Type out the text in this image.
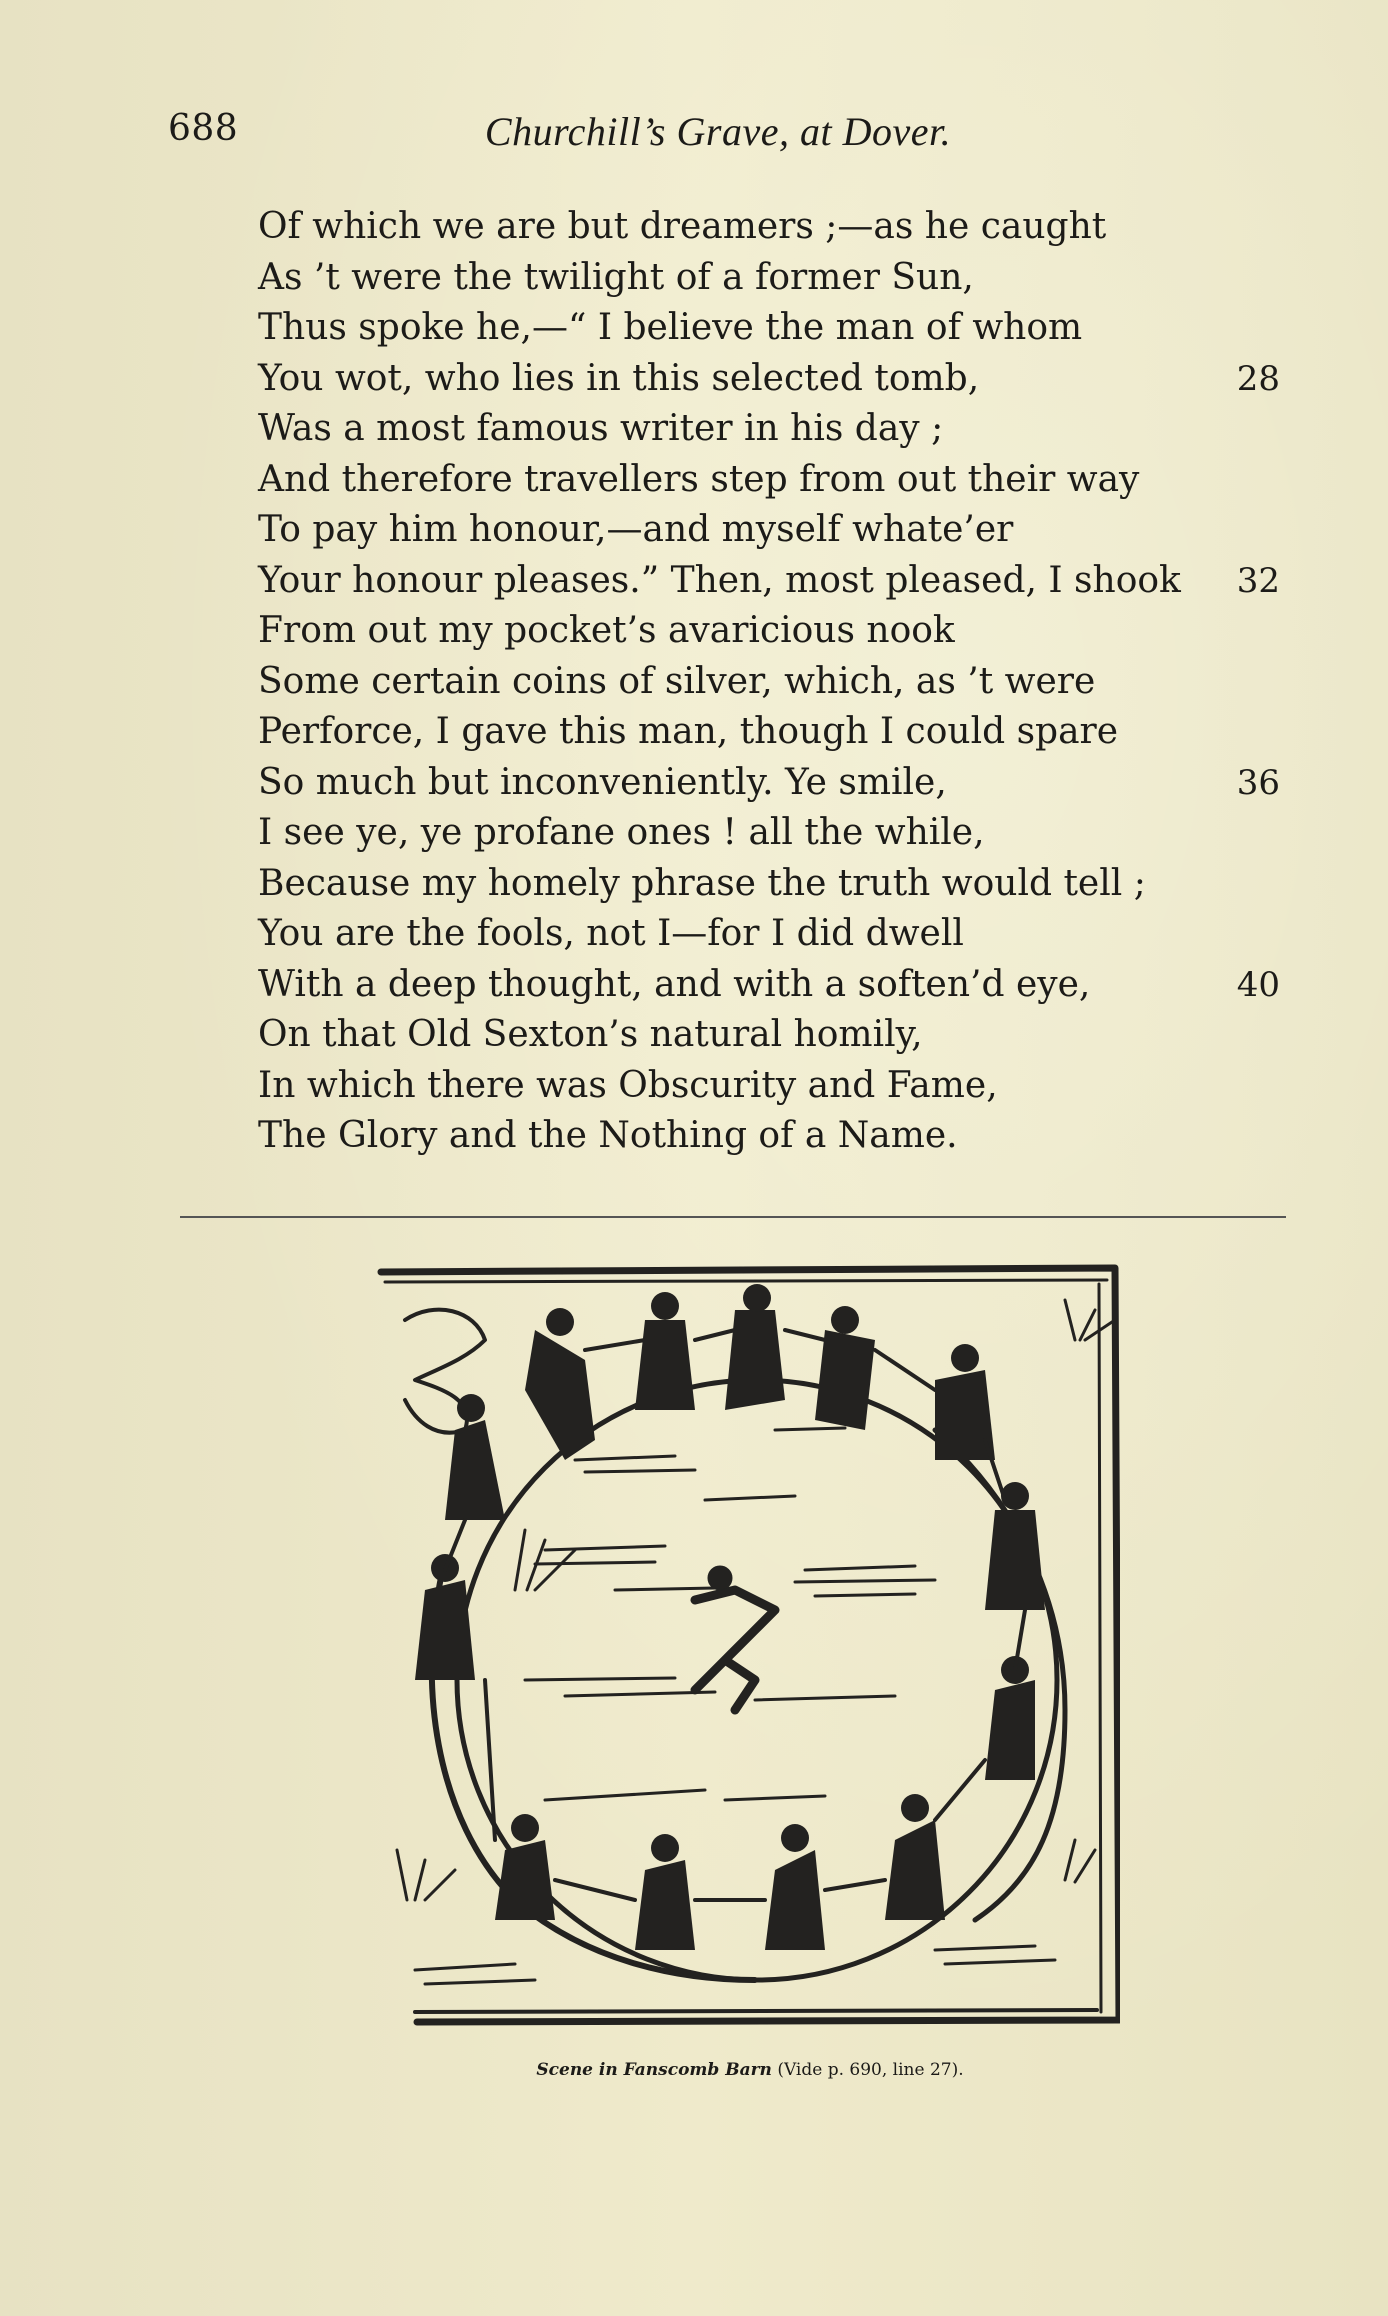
688	Churchill’s Grave, at Dover.
Of which we are but dreamers ;—as he caught
As ’t were the twilight of a former Sun,
Thus spoke he,—“ I believe the man of whom
You wot, who lies in this selected tomb,	28
Was a most famous writer in his day ;
And therefore travellers step from out their way
To pay him honour,—and myself whate’er
Your honour pleases.” Then, most pleased, I shook 32
From out my pocket’s avaricious nook
Some certain coins of silver, which, as ’t were
Perforce, I gave this man, though I could spare
So much but inconveniently. Ye smile,	36
I see ye, ye profane ones ! all the while,
Because my homely phrase the truth would tell ;
You are the fools, not I—for I did dwell
With a deep thought, and with a soften’d eye,	40
On that Old Sexton’s natural homily,
In which there was Obscurity and Fame,
The Glory and the Nothing of a Name.
Scene in Fanscomb Barn (Vide p. 690, line 27).
